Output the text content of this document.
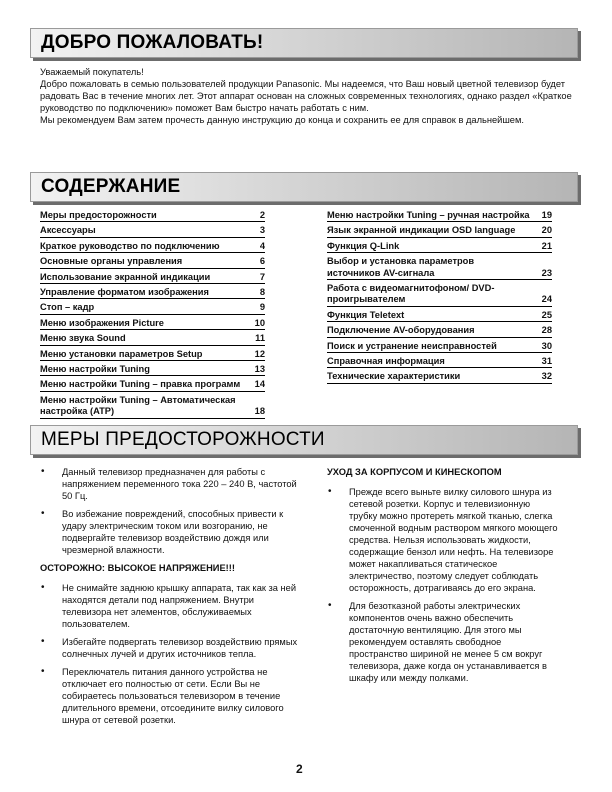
ДОБРО ПОЖАЛОВАТЬ!

Уважаемый покупатель!

Добро пожаловать в семью пользователей продукции Panasonic. Мы надеемся, что Ваш новый цветной телевизор будет радовать Вас в течение многих лет. Этот аппарат основан на сложных современных технологиях, однако раздел «Краткое руководство по подключению» поможет Вам быстро начать работать с ним.

Мы рекомендуем Вам затем прочесть данную инструкцию до конца и сохранить ее для справок в дальнейшем.

СОДЕРЖАНИЕ
Меры предосторожности	2
Аксессуары	3
Краткое руководство по подключению	4
Основные органы управления	6
Использование экранной индикации	7
Управление форматом изображения	8
Стоп – кадр	9
Меню изображения Picture	10
Меню звука Sound	11
Меню установки параметров Setup	12
Меню настройки Tuning	13
Меню настройки Tuning – правка программ	14
Меню настройки Tuning – Автоматическая настройка (ATP)	18
Меню настройки Tuning – ручная настройка	19
Язык экранной индикации OSD language	20
Функция Q-Link	21
Выбор и установка параметров источников AV-сигнала	23
Работа с видеомагнитофоном/ DVD-проигрывателем	24
Функция Teletext	25
Подключение AV-оборудования	28
Поиск и устранение неисправностей	30
Справочная информация	31
Технические характеристики	32
МЕРЫ ПРЕДОСТОРОЖНОСТИ
• Данный телевизор предназначен для работы с напряжением переменного тока 220 – 240 В, частотой 50 Гц.
• Во избежание повреждений, способных привести к удару электрическим током или возгоранию, не подвергайте телевизор воздействию дождя или чрезмерной влажности.
ОСТОРОЖНО: ВЫСОКОЕ НАПРЯЖЕНИЕ!!!
• Не снимайте заднюю крышку аппарата, так как за ней находятся детали под напряжением. Внутри телевизора нет элементов, обслуживаемых пользователем.
• Избегайте подвергать телевизор воздействию прямых солнечных лучей и других источников тепла.
• Переключатель питания данного устройства не отключает его полностью от сети. Если Вы не собираетесь пользоваться телевизором в течение длительного времени, отсоедините вилку силового шнура от сетевой розетки.
УХОД ЗА КОРПУСОМ И КИНЕСКОПОМ
• Прежде всего выньте вилку силового шнура из сетевой розетки. Корпус и телевизионную трубку можно протереть мягкой тканью, слегка смоченной водным раствором мягкого моющего средства. Нельзя использовать жидкости, содержащие бензол или нефть. На телевизоре может накапливаться статическое электричество, поэтому следует соблюдать осторожность, дотрагиваясь до его экрана.
• Для безотказной работы электрических компонентов очень важно обеспечить достаточную вентиляцию. Для этого мы рекомендуем оставлять свободное пространство шириной не менее 5 см вокруг телевизора, даже когда он устанавливается в шкафу или между полками.
2
